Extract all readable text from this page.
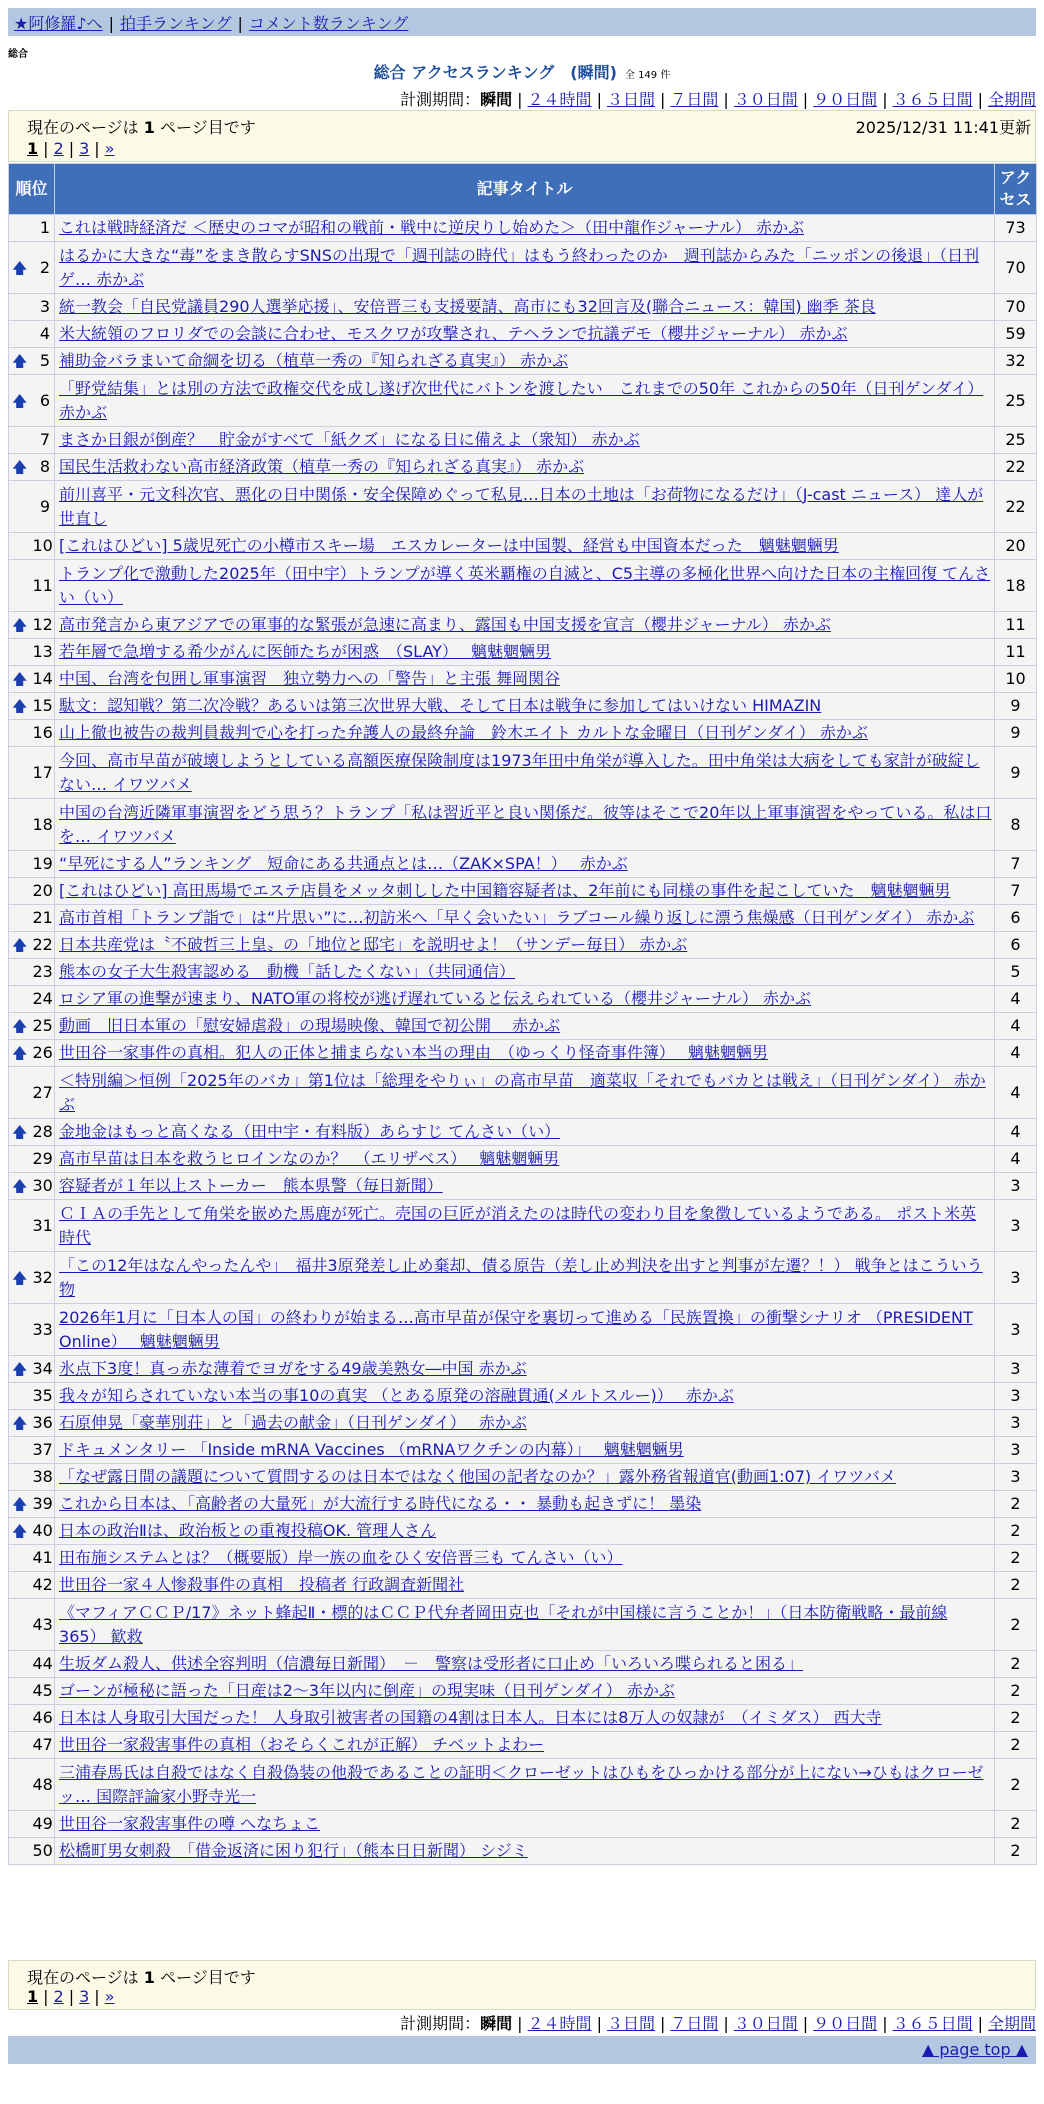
★阿修羅♪へ | 拍手ランキング | コメント数ランキング
総合
総合 アクセスランキング　(瞬間) 全 149 件
計測期間：瞬間 | ２４時間 | ３日間 | ７日間 | ３０日間 | ９０日間 | ３６５日間 | 全期間
現在のページは 1 ページ目です	2025/12/31 11:41更新
1 | 2 | 3 | »
順位		記事タイトル	アクセス
	1	これは戦時経済だ ＜歴史のコマが昭和の戦前・戦中に逆戻りし始めた＞（田中龍作ジャーナル） 赤かぶ	73
🡅	2	はるかに大きな“毒”をまき散らすSNSの出現で「週刊誌の時代」はもう終わったのか　週刊誌からみた「ニッポンの後退」（日刊ゲ… 赤かぶ	70
	3	統一教会「自民党議員290人選挙応援」、安倍晋三も支援要請、高市にも32回言及(聯合ニュース：韓国) 幽季 茶良	70
	4	米大統領のフロリダでの会談に合わせ、モスクワが攻撃され、テヘランで抗議デモ（櫻井ジャーナル） 赤かぶ	59
🡅	5	補助金バラまいて命綱を切る（植草一秀の『知られざる真実』） 赤かぶ	32
🡅	6	「野党結集」とは別の方法で政権交代を成し遂げ次世代にバトンを渡したい　これまでの50年 これからの50年（日刊ゲンダイ） 赤かぶ	25
	7	まさか日銀が倒産？　貯金がすべて「紙クズ」になる日に備えよ（衆知） 赤かぶ	25
🡅	8	国民生活救わない高市経済政策（植草一秀の『知られざる真実』） 赤かぶ	22
	9	前川喜平・元文科次官、悪化の日中関係・安全保障めぐって私見…日本の土地は「お荷物になるだけ」（J-cast ニュース） 達人が世直し	22
	10	[これはひどい] 5歳児死亡の小樽市スキー場　エスカレーターは中国製、経営も中国資本だった　魑魅魍魎男	20
	11	トランプ化で激動した2025年（田中宇）トランプが導く英米覇権の自滅と、C5主導の多極化世界へ向けた日本の主権回復 てんさい（い）	18
🡅	12	高市発言から東アジアでの軍事的な緊張が急速に高まり、露国も中国支援を宣言（櫻井ジャーナル） 赤かぶ	11
	13	若年層で急増する希少がんに医師たちが困惑　（SLAY）　 魑魅魍魎男	11
🡅	14	中国、台湾を包囲し軍事演習　独立勢力への「警告」と主張 舞岡関谷	10
🡅	15	駄文：認知戦？第二次冷戦？あるいは第三次世界大戦、そして日本は戦争に参加してはいけない HIMAZIN	9
	16	山上徹也被告の裁判員裁判で心を打った弁護人の最終弁論　鈴木エイト カルトな金曜日（日刊ゲンダイ） 赤かぶ	9
	17	今回、高市早苗が破壊しようとしている高額医療保険制度は1973年田中角栄が導入した。田中角栄は大病をしても家計が破綻しない… イワツバメ	9
	18	中国の台湾近隣軍事演習をどう思う？トランプ「私は習近平と良い関係だ。彼等はそこで20年以上軍事演習をやっている。私は口を… イワツバメ	8
	19	“早死にする人”ランキング　短命にある共通点とは…（ZAK×SPA！）　 赤かぶ	7
	20	[これはひどい] 高田馬場でエステ店員をメッタ刺しした中国籍容疑者は、2年前にも同様の事件を起こしていた　魑魅魍魎男	7
	21	高市首相「トランプ詣で」は“片思い”に…初訪米へ「早く会いたい」ラブコール繰り返しに漂う焦燥感（日刊ゲンダイ） 赤かぶ	6
🡅	22	日本共産党は〝不破哲三上皇〟の「地位と邸宅」を説明せよ！（サンデー毎日） 赤かぶ	6
	23	熊本の女子大生殺害認める　動機「話したくない」（共同通信）	5
	24	ロシア軍の進撃が速まり、NATO軍の将校が逃げ遅れていると伝えられている（櫻井ジャーナル） 赤かぶ	4
🡅	25	動画　旧日本軍の「慰安婦虐殺」の現場映像、韓国で初公開　 赤かぶ	4
🡅	26	世田谷一家事件の真相。犯人の正体と捕まらない本当の理由　（ゆっくり怪奇事件簿）　 魑魅魍魎男	4
	27	＜特別編＞恒例「2025年のバカ」第1位は「総理をやりぃ」の高市早苗　適菜収「それでもバカとは戦え」（日刊ゲンダイ） 赤かぶ	4
🡅	28	金地金はもっと高くなる（田中宇・有料版）あらすじ てんさい（い）	4
	29	高市早苗は日本を救うヒロインなのか？　（エリザベス）　 魑魅魍魎男	4
🡅	30	容疑者が１年以上ストーカー　熊本県警（毎日新聞）	3
	31	ＣＩＡの手先として角栄を嵌めた馬鹿が死亡。売国の巨匠が消えたのは時代の変わり目を象徴しているようである。 ポスト米英時代	3
🡅	32	「この12年はなんやったんや」　福井3原発差し止め棄却、債る原告（差し止め判決を出すと判事が左遷？！） 戦争とはこういう物	3
	33	2026年1月に「日本人の国」の終わりが始まる…高市早苗が保守を裏切って進める「民族置換」の衝撃シナリオ （PRESIDENT Online）　 魑魅魍魎男	3
🡅	34	氷点下3度！真っ赤な薄着でヨガをする49歳美熟女―中国 赤かぶ	3
	35	我々が知らされていない本当の事10の真実 （とある原発の溶融貫通(メルトスルー)）　 赤かぶ	3
🡅	36	石原伸晃「豪華別荘」と「過去の献金」（日刊ゲンダイ）　 赤かぶ	3
	37	ドキュメンタリー 「Inside mRNA Vaccines （mRNAワクチンの内幕）」　 魑魅魍魎男	3
	38	「なぜ露日間の議題について質問するのは日本ではなく他国の記者なのか？」露外務省報道官(動画1:07) イワツバメ	3
🡅	39	これから日本は、「高齢者の大量死」が大流行する時代になる・・ 暴動も起きずに！ 墨染	2
🡅	40	日本の政治Ⅱは、政治板との重複投稿OK. 管理人さん	2
	41	田布施システムとは？（概要版）岸一族の血をひく安倍晋三も てんさい（い）	2
	42	世田谷一家４人惨殺事件の真相　投稿者 行政調査新聞社	2
	43	《マフィアＣＣＰ/17》ネット蜂起Ⅱ・標的はＣＣＰ代弁者岡田克也「それが中国様に言うことか！」（日本防衛戦略・最前線365） 歓救	2
	44	生坂ダム殺人、供述全容判明（信濃毎日新聞）　－　警察は受形者に口止め「いろいろ喋られると困る」	2
	45	ゴーンが極秘に語った「日産は2～3年以内に倒産」の現実味（日刊ゲンダイ） 赤かぶ	2
	46	日本は人身取引大国だった！ 人身取引被害者の国籍の4割は日本人。日本には8万人の奴隷が　（イミダス） 西大寺	2
	47	世田谷一家殺害事件の真相（おそらくこれが正解） チベットよわー	2
	48	三浦春馬氏は自殺ではなく自殺偽装の他殺であることの証明＜クローゼットはひもをひっかける部分が上にない→ひもはクローゼッ… 国際評論家小野寺光一	2
	49	世田谷一家殺害事件の噂 へなちょこ	2
	50	松橋町男女刺殺　「借金返済に困り犯行」（熊本日日新聞） シジミ	2
現在のページは 1 ページ目です
1 | 2 | 3 | »
計測期間：瞬間 | ２４時間 | ３日間 | ７日間 | ３０日間 | ９０日間 | ３６５日間 | 全期間
▲ page top ▲
